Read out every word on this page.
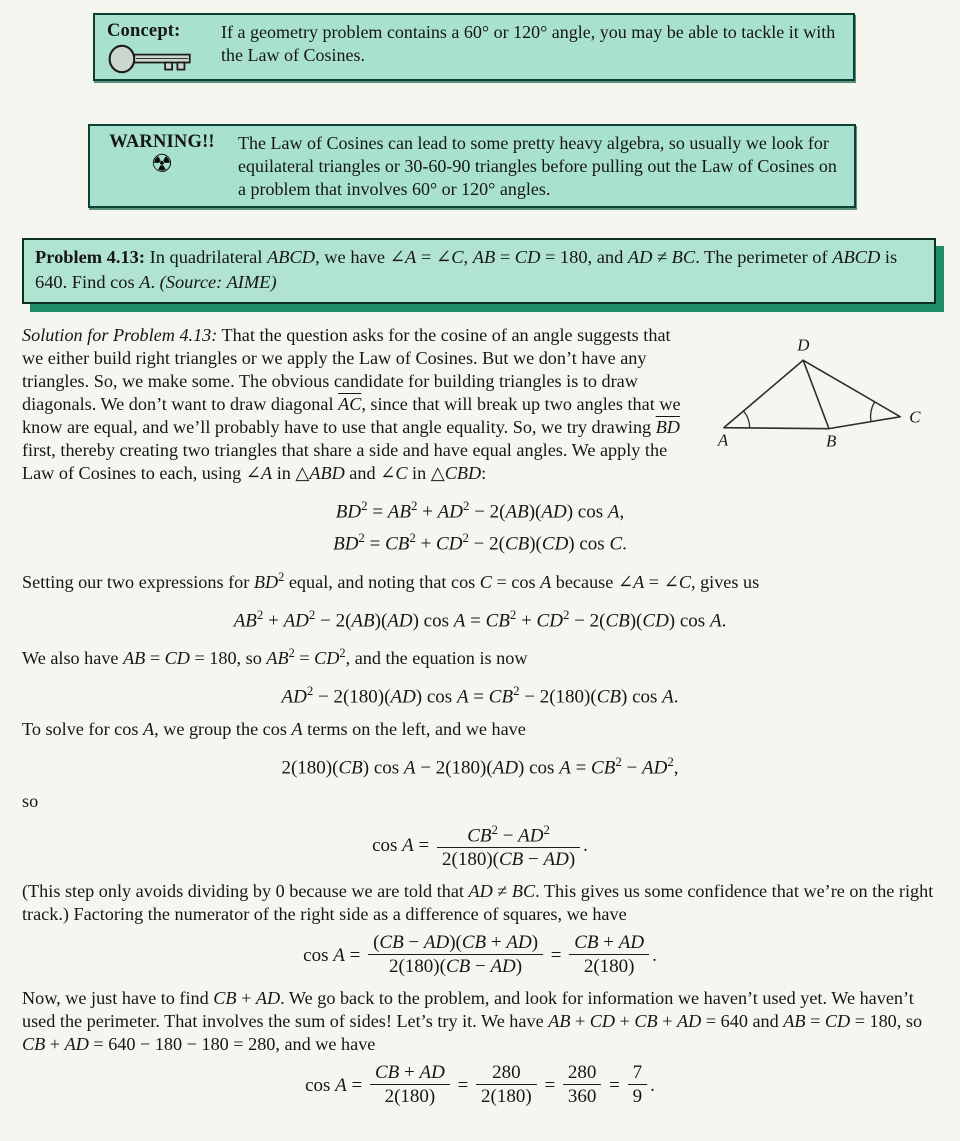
Concept: If a geometry problem contains a 60° or 120° angle, you may be able to tackle it with the Law of Cosines.
WARNING!!
☢
The Law of Cosines can lead to some pretty heavy algebra, so usually we look for equilateral triangles or 30-60-90 triangles before pulling out the Law of Cosines on a problem that involves 60° or 120° angles.
Problem 4.13: In quadrilateral ABCD, we have ∠A = ∠C, AB = CD = 180, and AD ≠ BC. The perimeter of ABCD is 640. Find cos A. (Source: AIME)
A	B
C
D
Solution for Problem 4.13: That the question asks for the cosine of an angle suggests that we either build right triangles or we apply the Law of Cosines. But we don’t have any triangles. So, we make some. The obvious candidate for building triangles is to draw diagonals. We don’t want to draw diagonal $\overline{AC}$, since that will break up two angles that we know are equal, and we’ll probably have to use that angle equality. So, we try drawing $\overline{BD}$ first, thereby creating two triangles that share a side and have equal angles. We apply the Law of Cosines to each, using ∠A in △ABD and ∠C in △CBD:
$BD^2 = AB^2 + AD^2 - 2(AB)(AD)$ cos A,
$BD^2 = CB^2 + CD^2 - 2(CB)(CD)$ cos C.

Setting our two expressions for $BD^2$ equal, and noting that cos C = cos A because ∠A = ∠C, gives us

$AB^2 + AD^2 - 2(AB)(AD)$ $\cos A = CB^2 + CD^2 - 2(CB)(CD)$ cos A.

We also have AB = CD = 180, so $AB^2 = CD^2$, and the equation is now

$AD^2 - 2(180)(AD)$ $\cos A = CB^2 - 2(180)(CB)$ cos A.

To solve for cos A, we group the cos A terms on the left, and we have

2(180)(CB) cos A − 2(180)(AD) $\cos A = CB^2 - AD^2$,

so

$\cos A = \frac{CB^2 - AD^2}{2(180)(CB - AD)}$ .

(This step only avoids dividing by 0 because we are told that AD ≠ BC. This gives us some confidence that we’re on the right track.) Factoring the numerator of the right side as a difference of squares, we have

$\cos A = \frac{(CB - AD)(CB + AD)}{2(180)(CB - AD)} = \frac{CB + AD}{2(180)}$ .

Now, we just have to find CB + AD. We go back to the problem, and look for information we haven’t used yet. We haven’t used the perimeter. That involves the sum of sides! Let’s try it. We have AB + CD + CB + AD = 640 and AB = CD = 180, so CB + AD = 640 − 180 − 180 = 280, and we have

$\cos A = \frac{CB + AD}{2(180)} = \frac{280}{2(180)} = \frac{280}{360} = \frac{7}{9}$ .
